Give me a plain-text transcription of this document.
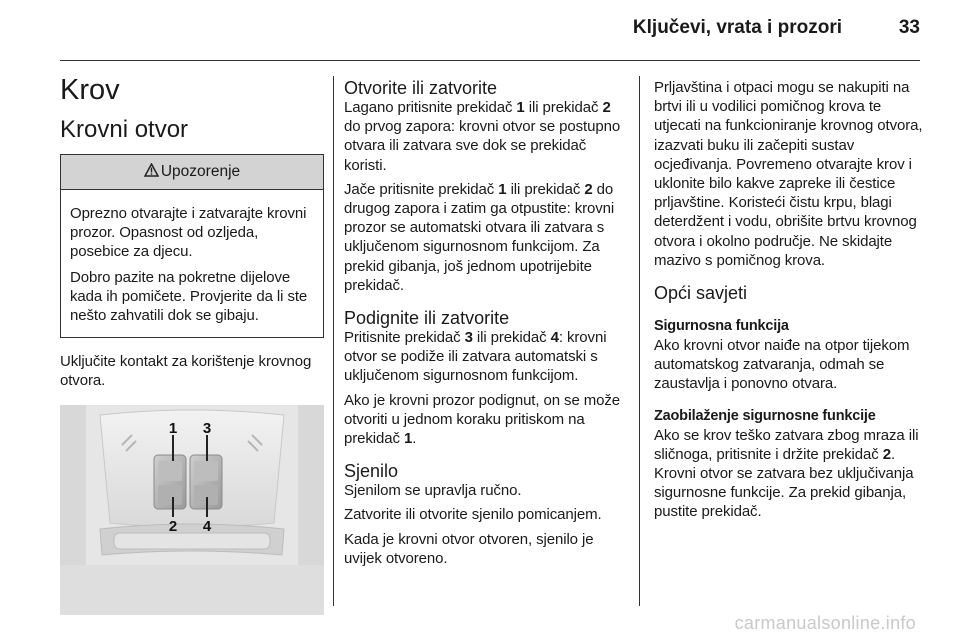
Ključevi, vrata i prozori	33
Krov
Krovni otvor
Upozorenje

Oprezno otvarajte i zatvarajte krovni prozor. Opasnost od ozljeda, posebice za djecu.

Dobro pazite na pokretne dijelove kada ih pomičete. Provjerite da li ste nešto zahvatili dok se gibaju.

Uključite kontakt za korištenje krovnog otvora.

1 3
2 4
Otvorite ili zatvorite

Lagano pritisnite prekidač 1 ili prekidač 2 do prvog zapora: krovni otvor se postupno otvara ili zatvara sve dok se prekidač koristi.

Jače pritisnite prekidač 1 ili prekidač 2 do drugog zapora i zatim ga otpustite: krovni prozor se automatski otvara ili zatvara s uključenom sigurnosnom funkcijom. Za prekid gibanja, još jednom upotrijebite prekidač.

Podignite ili zatvorite

Pritisnite prekidač 3 ili prekidač 4: krovni otvor se podiže ili zatvara automatski s uključenom sigurnosnom funkcijom.

Ako je krovni prozor podignut, on se može otvoriti u jednom koraku pritiskom na prekidač 1.

Sjenilo

Sjenilom se upravlja ručno.

Zatvorite ili otvorite sjenilo pomicanjem.

Kada je krovni otvor otvoren, sjenilo je uvijek otvoreno.

Prljavština i otpaci mogu se nakupiti na brtvi ili u vodilici pomičnog krova te utjecati na funkcioniranje krovnog otvora, izazvati buku ili začepiti sustav ocjeđivanja. Povremeno otvarajte krov i uklonite bilo kakve zapreke ili čestice prljavštine. Koristeći čistu krpu, blagi deterdžent i vodu, obrišite brtvu krovnog otvora i okolno područje. Ne skidajte mazivo s pomičnog krova.

Opći savjeti
Sigurnosna funkcija

Ako krovni otvor naiđe na otpor tijekom automatskog zatvaranja, odmah se zaustavlja i ponovno otvara.

Zaobilaženje sigurnosne funkcije

Ako se krov teško zatvara zbog mraza ili sličnoga, pritisnite i držite prekidač 2. Krovni otvor se zatvara bez uključivanja sigurnosne funkcije. Za prekid gibanja, pustite prekidač.

carmanualsonline.info
